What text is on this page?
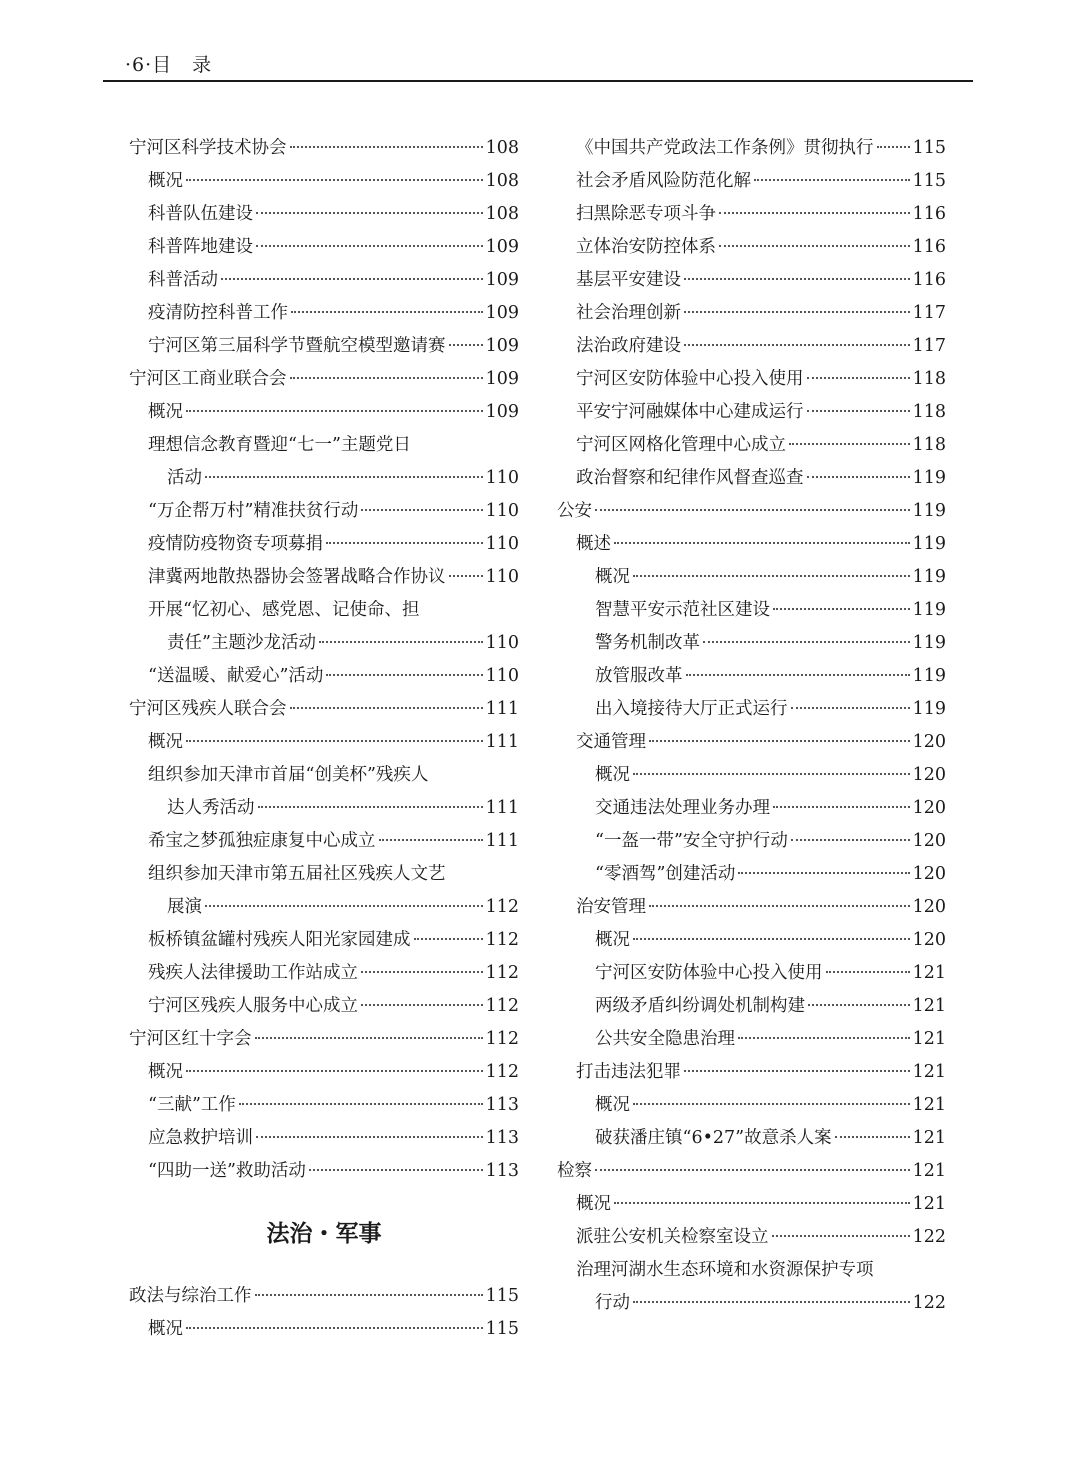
·6·目　录
宁河区科学技术协会	108
概况	108
科普队伍建设	108
科普阵地建设	109
科普活动	109
疫清防控科普工作	109
宁河区第三届科学节暨航空模型邀请赛 109
宁河区工商业联合会	109
概况	109
理想信念教育暨迎“七一”主题党日
活动	110
“万企帮万村”精准扶贫行动	110
疫情防疫物资专项募捐	110
津冀两地散热器协会签署战略合作协议 110
开展“忆初心、感党恩、记使命、担
责任”主题沙龙活动	110
“送温暖、献爱心”活动	110
宁河区残疾人联合会	111
概况	111
组织参加天津市首届“创美杯”残疾人
达人秀活动	111
希宝之梦孤独症康复中心成立	111
组织参加天津市第五届社区残疾人文艺
展演	112
板桥镇盆罐村残疾人阳光家园建成	112
残疾人法律援助工作站成立	112
宁河区残疾人服务中心成立	112
宁河区红十字会	112
概况	112
“三献”工作	113
应急救护培训	113
“四助一送”救助活动	113
法治・军事
政法与综治工作	115
概况	115
《中国共产党政法工作条例》贯彻执行 115
社会矛盾风险防范化解	115
扫黑除恶专项斗争	116
立体治安防控体系	116
基层平安建设	116
社会治理创新	117
法治政府建设	117
宁河区安防体验中心投入使用	118
平安宁河融媒体中心建成运行	118
宁河区网格化管理中心成立	118
政治督察和纪律作风督查巡查	119
公安	119
概述	119
概况	119
智慧平安示范社区建设	119
警务机制改革	119
放管服改革	119
出入境接待大厅正式运行	119
交通管理	120
概况	120
交通违法处理业务办理	120
“一盔一带”安全守护行动	120
“零酒驾”创建活动	120
治安管理	120
概况	120
宁河区安防体验中心投入使用	121
两级矛盾纠纷调处机制构建	121
公共安全隐患治理	121
打击违法犯罪	121
概况	121
破获潘庄镇“6•27”故意杀人案	121
检察	121
概况	121
派驻公安机关检察室设立	122
治理河湖水生态环境和水资源保护专项
行动	122
